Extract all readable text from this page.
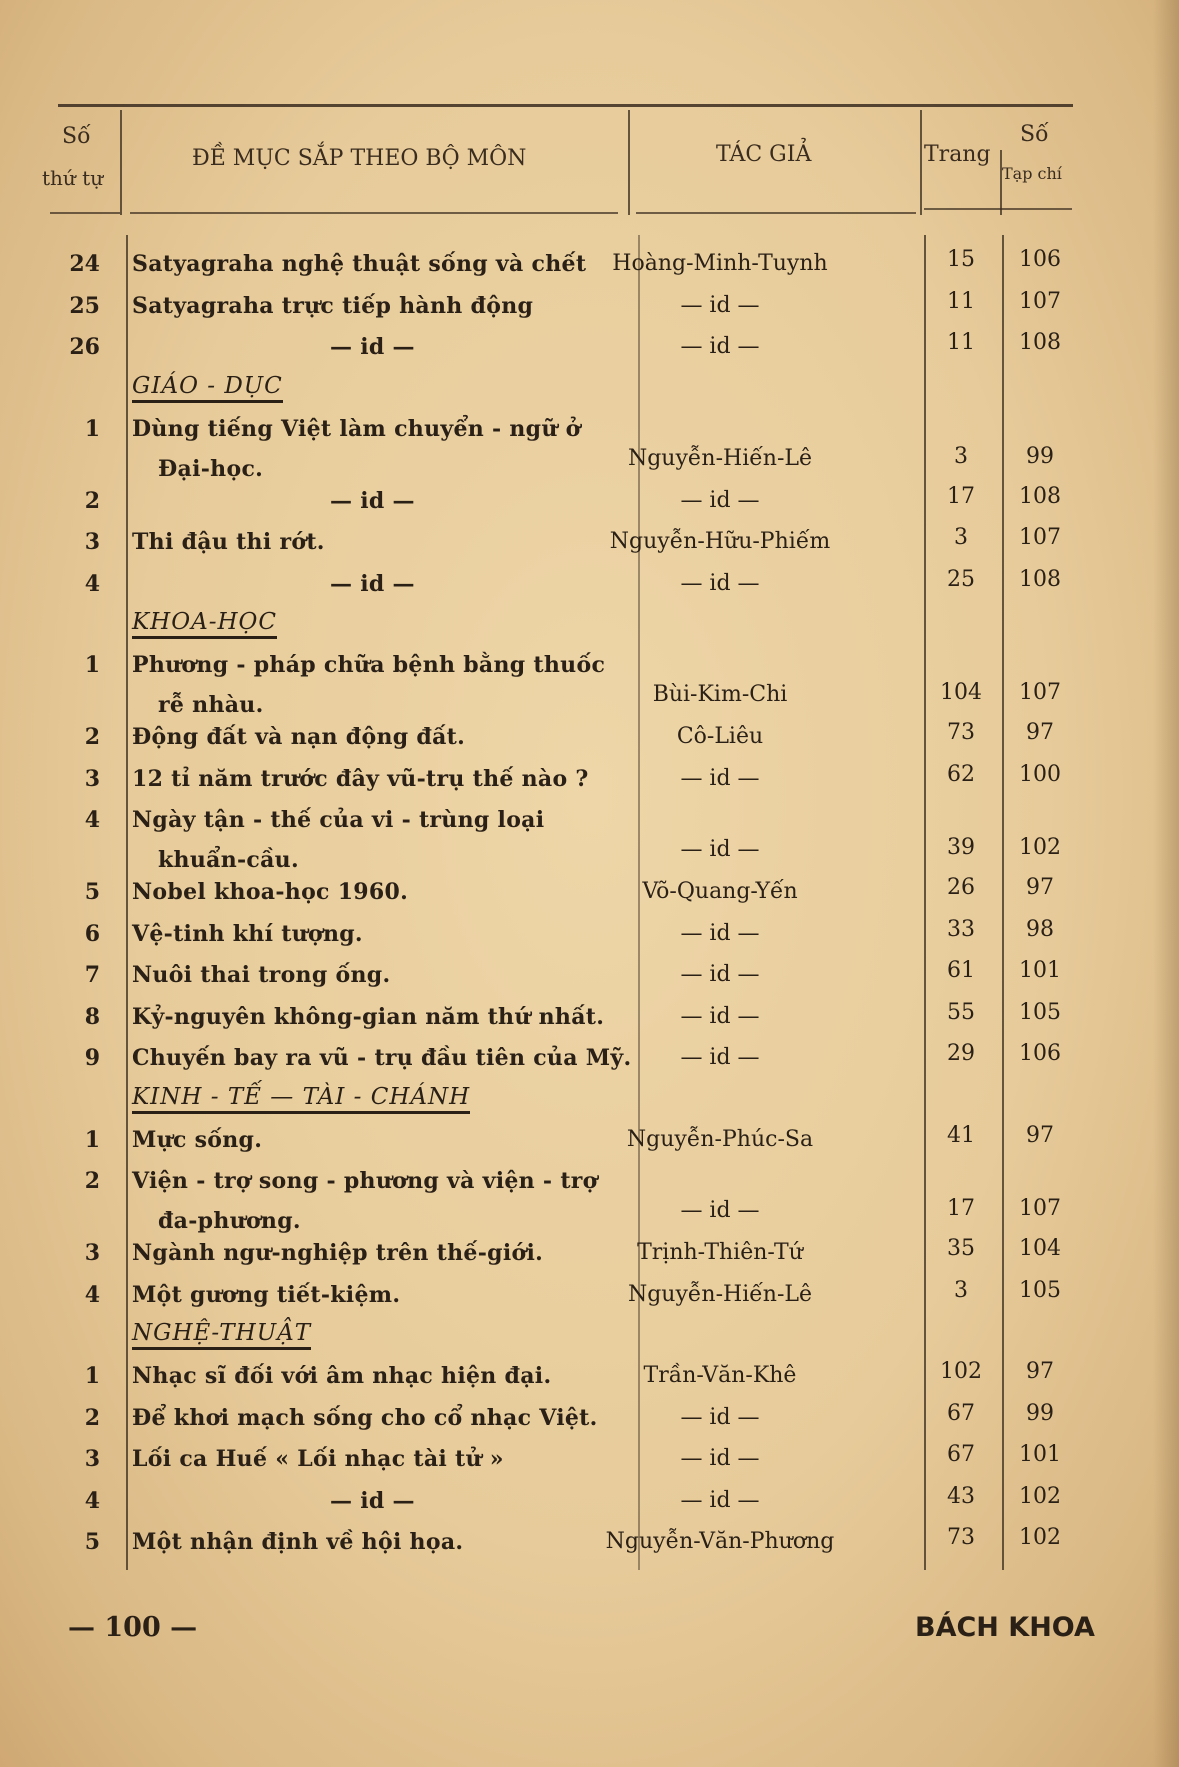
Số
thứ tự
ĐỀ MỤC SẮP THEO BỘ MÔN	TÁC GIẢ	Trang
Số
Tạp chí
24 Satyagraha nghệ thuật sống và chết	Hoàng-Minh-Tuynh	15	106
25 Satyagraha trực tiếp hành động	— id —	11	107
26	— id —	— id —	11	108
GIÁO - DỤC
1 Dùng tiếng Việt làm chuyển - ngữ ở
Đại-học.	Nguyễn-Hiến-Lê	3	99
2	— id —	— id —	17	108
3 Thi đậu thi rớt.	Nguyễn-Hữu-Phiếm	3	107
4	— id —	— id —	25	108
KHOA-HỌC
1 Phương - pháp chữa bệnh bằng thuốc
rễ nhàu.	Bùi-Kim-Chi	104	107
2 Động đất và nạn động đất.	Cô-Liêu	73	97
3 12 tỉ năm trước đây vũ-trụ thế nào ?	— id —	62	100
4 Ngày tận - thế của vi - trùng loại
khuẩn-cầu.	— id —	39	102
5 Nobel khoa-học 1960.	Võ-Quang-Yến	26	97
6 Vệ-tinh khí tượng.	— id —	33	98
7 Nuôi thai trong ống.	— id —	61	101
8 Kỷ-nguyên không-gian năm thứ nhất.	— id —	55	105
9 Chuyến bay ra vũ - trụ đầu tiên của Mỹ.	— id —	29	106
KINH - TẾ — TÀI - CHÁNH
1 Mực sống.	Nguyễn-Phúc-Sa	41	97
2 Viện - trợ song - phương và viện - trợ
đa-phương.	— id —	17	107
3 Ngành ngư-nghiệp trên thế-giới.	Trịnh-Thiên-Tứ	35	104
4 Một gương tiết-kiệm.	Nguyễn-Hiến-Lê	3	105
NGHỆ-THUẬT
1 Nhạc sĩ đối với âm nhạc hiện đại.	Trần-Văn-Khê	102	97
2 Để khơi mạch sống cho cổ nhạc Việt.	— id —	67	99
3 Lối ca Huế « Lối nhạc tài tử »	— id —	67	101
4	— id —	— id —	43	102
5 Một nhận định về hội họa.	Nguyễn-Văn-Phương	73	102
— 100 —	BÁCH KHOA
